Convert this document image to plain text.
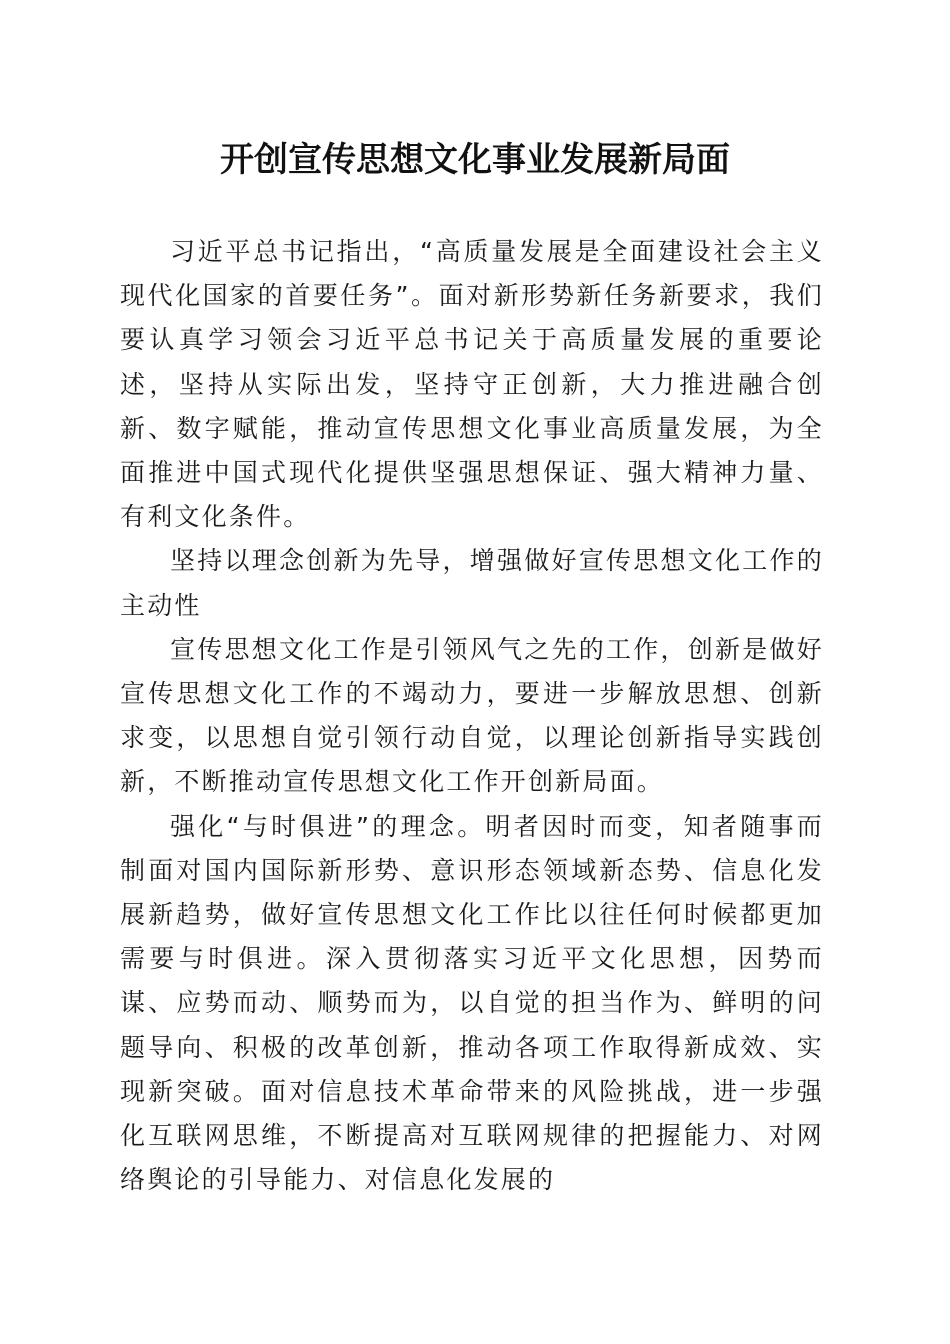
开创宣传思想文化事业发展新局面

习近平总书记指出，“高质量发展是全面建设社会主义现代化国家的首要任务”。面对新形势新任务新要求，我们要认真学习领会习近平总书记关于高质量发展的重要论述，坚持从实际出发，坚持守正创新，大力推进融合创新、数字赋能，推动宣传思想文化事业高质量发展，为全面推进中国式现代化提供坚强思想保证、强大精神力量、有利文化条件。

坚持以理念创新为先导，增强做好宣传思想文化工作的主动性

宣传思想文化工作是引领风气之先的工作，创新是做好宣传思想文化工作的不竭动力，要进一步解放思想、创新求变，以思想自觉引领行动自觉，以理论创新指导实践创新，不断推动宣传思想文化工作开创新局面。

强化“与时俱进”的理念。明者因时而变，知者随事而制面对国内国际新形势、意识形态领域新态势、信息化发展新趋势，做好宣传思想文化工作比以往任何时候都更加需要与时俱进。深入贯彻落实习近平文化思想，因势而谋、应势而动、顺势而为，以自觉的担当作为、鲜明的问题导向、积极的改革创新，推动各项工作取得新成效、实现新突破。面对信息技术革命带来的风险挑战，进一步强化互联网思维，不断提高对互联网规律的把握能力、对网络舆论的引导能力、对信息化发展的
